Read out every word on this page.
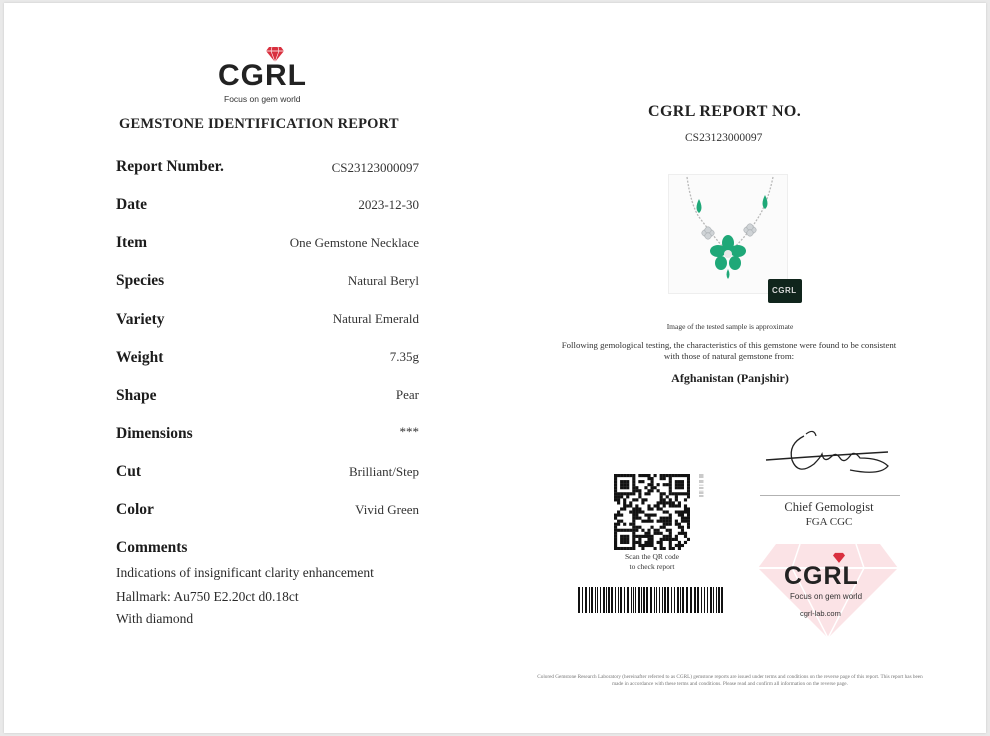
CGRL
Focus on gem world
GEMSTONE IDENTIFICATION REPORT
Report Number.	CS23123000097
Date	2023-12-30
Item	One Gemstone Necklace
Species	Natural Beryl
Variety	Natural Emerald
Weight	7.35g
Shape	Pear
Dimensions	***
Cut	Brilliant/Step
Color	Vivid Green
Comments
Indications of insignificant clarity enhancement
Hallmark: Au750 E2.20ct d0.18ct
With diamond
CGRL REPORT NO.
CS23123000097
CGRL
Image of the tested sample is approximate
Following gemological testing, the characteristics of this gemstone were found to be consistent with those of natural gemstone from:
Afghanistan (Panjshir)
|||| ||| | || ||| ||
Scan the QR code
to check report
Chief Gemologist
FGA CGC
CGRL
Focus on gem world
cgrl-lab.com
Colored Gemstone Research Laboratory (hereinafter referred to as CGRL) gemstone reports are issued under terms and conditions on the reverse page of this report. This report has been made in accordance with these terms and conditions. Please read and confirm all information on the reverse page.
